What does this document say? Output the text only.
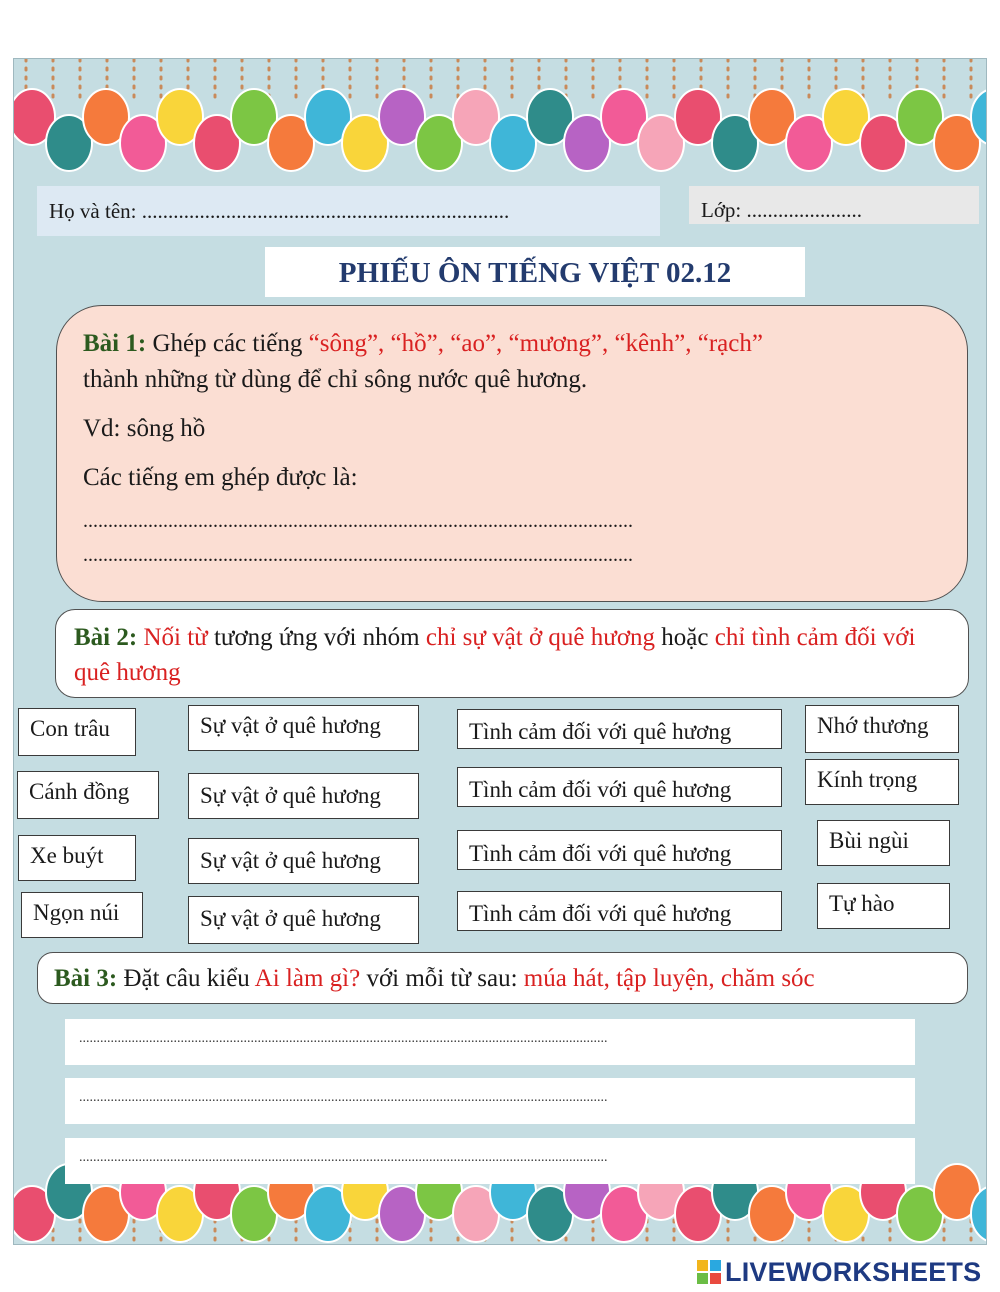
Họ và tên: ......................................................................	Lớp: ......................
PHIẾU ÔN TIẾNG VIỆT 02.12

Bài 1: Ghép các tiếng “sông”, “hồ”, “ao”, “mương”, “kênh”, “rạch”

thành những từ dùng để chỉ sông nước quê hương.

Vd: sông hồ

Các tiếng em ghép được là:

..............................................................................................................
..............................................................................................................
Bài 2: Nối từ tương ứng với nhóm chỉ sự vật ở quê hương hoặc chỉ tình cảm đối với quê hương
Con trâu
Cánh đồng
Xe buýt
Ngọn núi
Sự vật ở quê hương
Sự vật ở quê hương
Sự vật ở quê hương
Sự vật ở quê hương
Tình cảm đối với quê hương
Tình cảm đối với quê hương
Tình cảm đối với quê hương
Tình cảm đối với quê hương
Nhớ thương
Kính trọng
Bùi ngùi
Tự hào
Bài 3: Đặt câu kiểu Ai làm gì? với mỗi từ sau: múa hát, tập luyện, chăm sóc
.......................................................................................................................................................
.......................................................................................................................................................
.......................................................................................................................................................
LIVEWORKSHEETS
